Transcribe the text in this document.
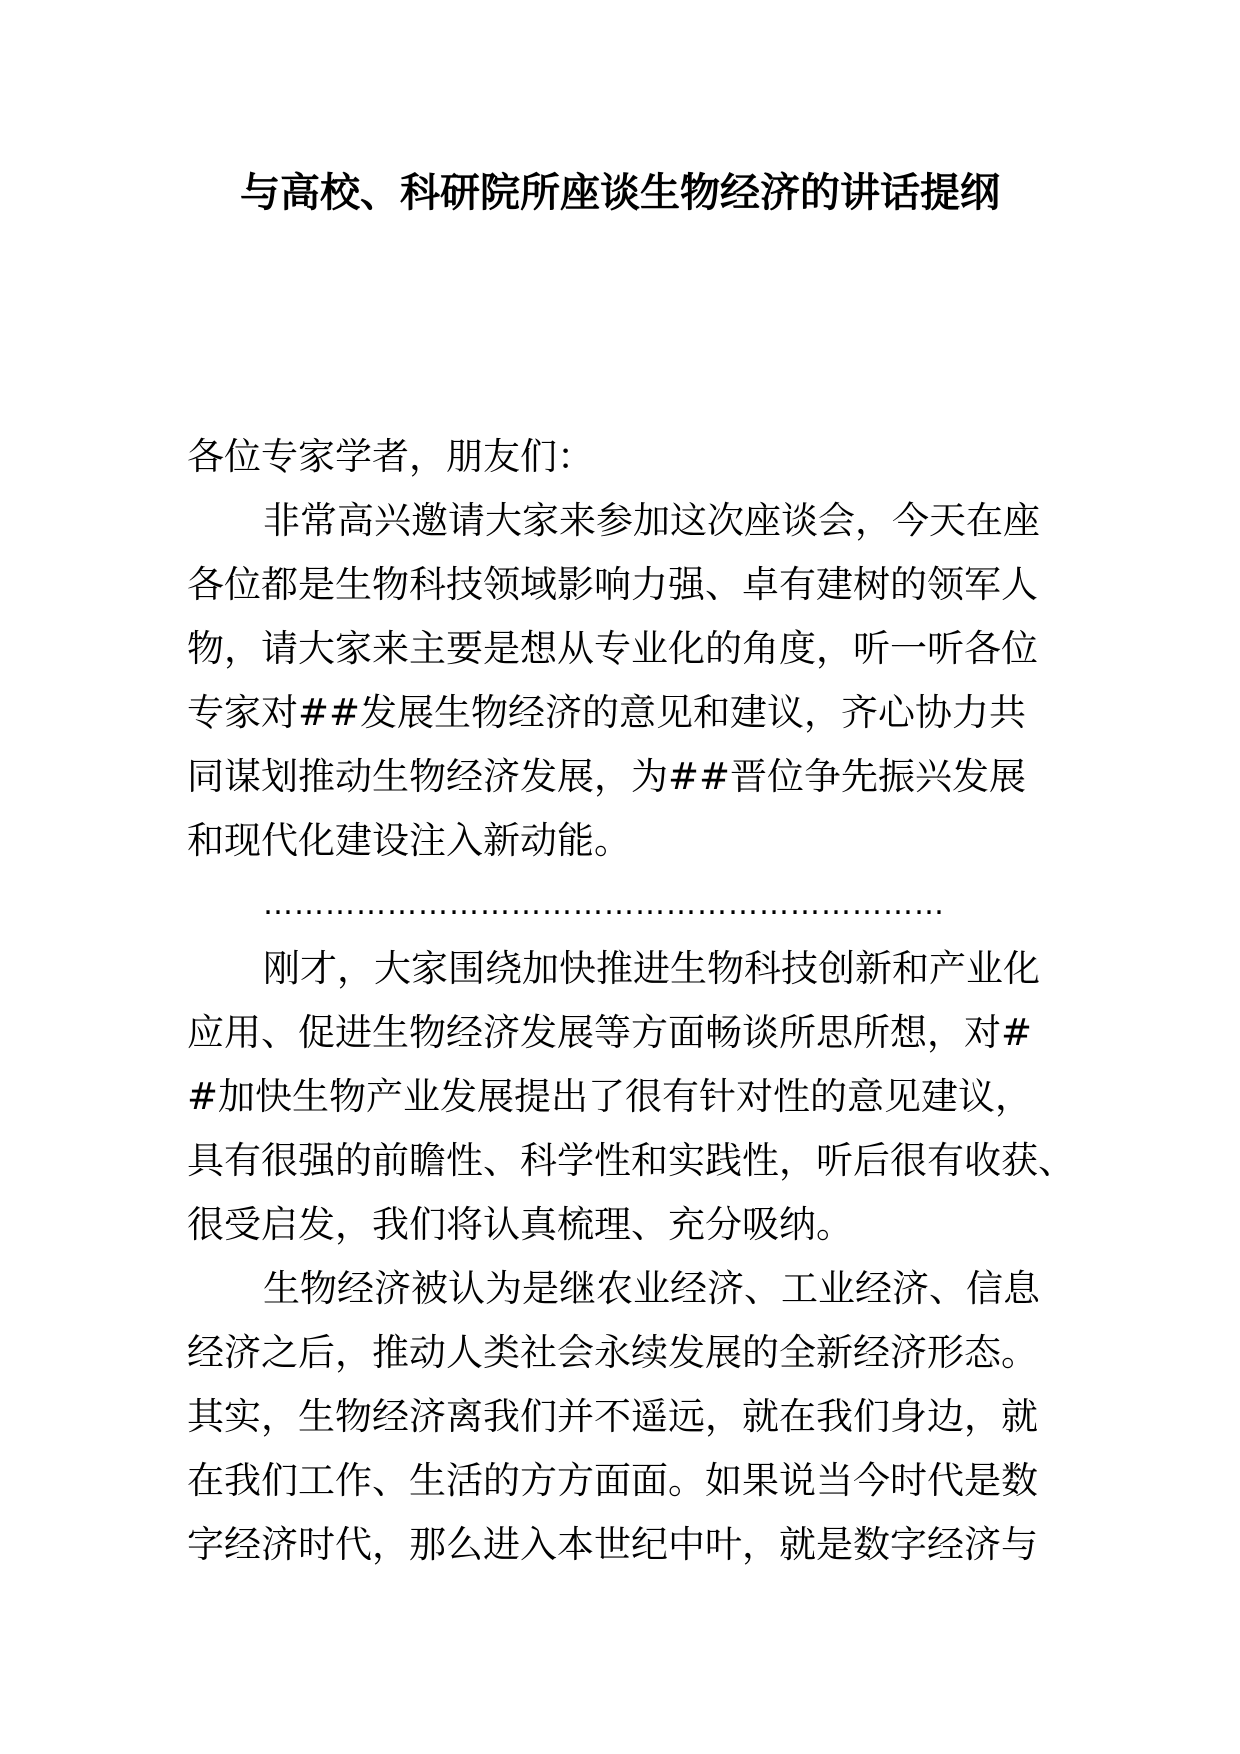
与高校、科研院所座谈生物经济的讲话提纲
各位专家学者，朋友们：
非常高兴邀请大家来参加这次座谈会，今天在座
各位都是生物科技领域影响力强、卓有建树的领军人
物，请大家来主要是想从专业化的角度，听一听各位
专家对##发展生物经济的意见和建议，齐心协力共
同谋划推动生物经济发展，为##晋位争先振兴发展
和现代化建设注入新动能。
…………………………………………………………
刚才，大家围绕加快推进生物科技创新和产业化
应用、促进生物经济发展等方面畅谈所思所想，对#
#加快生物产业发展提出了很有针对性的意见建议，
具有很强的前瞻性、科学性和实践性，听后很有收获、
很受启发，我们将认真梳理、充分吸纳。
生物经济被认为是继农业经济、工业经济、信息
经济之后，推动人类社会永续发展的全新经济形态。
其实，生物经济离我们并不遥远，就在我们身边，就
在我们工作、生活的方方面面。如果说当今时代是数
字经济时代，那么进入本世纪中叶，就是数字经济与
